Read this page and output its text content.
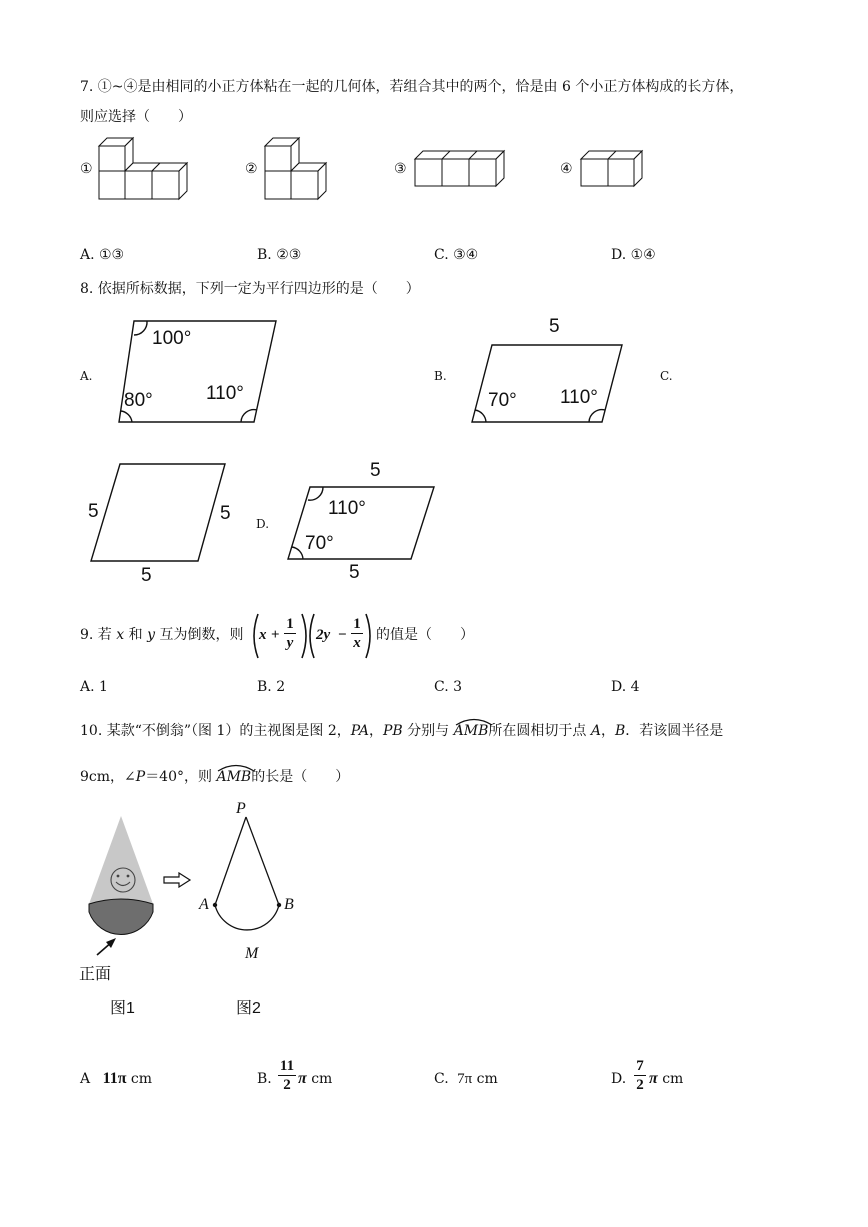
7. ①~④是由相同的小正方体粘在一起的几何体，若组合其中的两个，恰是由 6 个小正方体构成的长方体，
则应选择（　　）
①	②	③	④
A. ①③	B. ②③	C. ③④	D. ①④
8. 依据所标数据，下列一定为平行四边形的是（　　）
A.	B.	C.
D.
100°
80°	110°
5
70° 110°
5	5
5
5
110°
70°
5
9. 若 x 和 y 互为倒数，则 x +
1
y 2y −
1
x 的值是（　　）
A. 1	B. 2	C. 3	D. 4
10. 某款“不倒翁”（图 1）的主视图是图 2，PA，PB 分别与 AMB所在圆相切于点 A，B．若该圆半径是
9cm，∠P＝40°，则 AMB的长是（　　）
正面
图1
P
A	B
M
图2
A 11π cm	B.
11
2 π cm	C. 7π cm	D.
7
2 π cm
